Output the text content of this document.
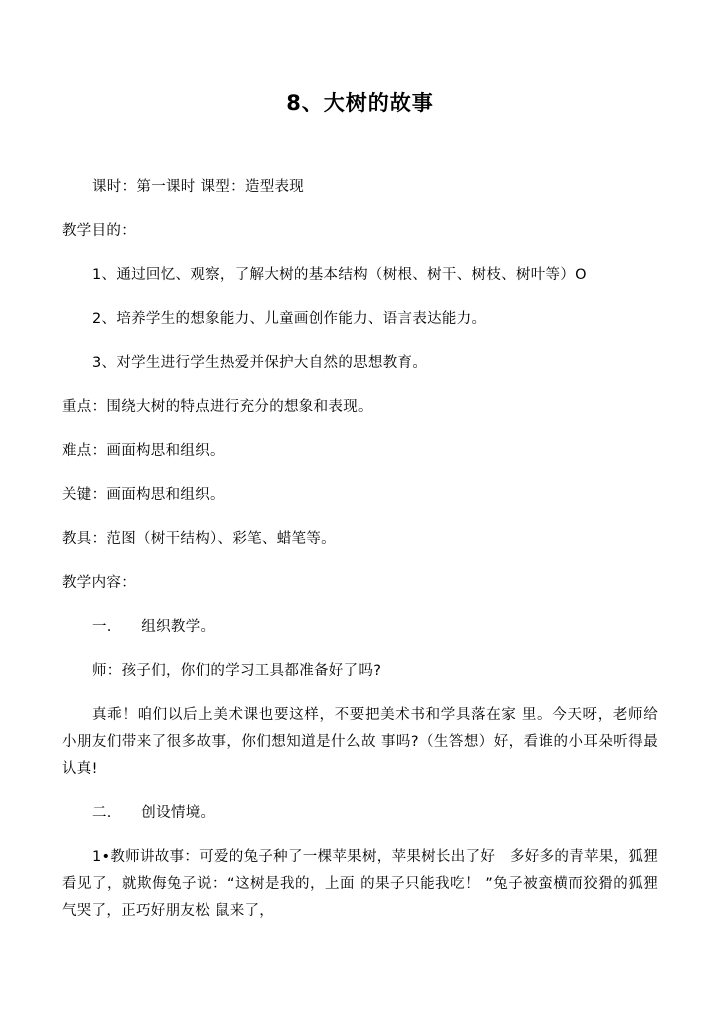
8、大树的故事

课时：第一课时 课型：造型表现

教学目的：

1、通过回忆、观察，了解大树的基本结构（树根、树干、树枝、树叶等）O

2、培养学生的想象能力、儿童画创作能力、语言表达能力。

3、对学生进行学生热爱并保护大自然的思想教育。

重点：围绕大树的特点进行充分的想象和表现。

难点：画面构思和组织。

关键：画面构思和组织。

教具：范图（树干结构）、彩笔、蜡笔等。

教学内容：

一.　　组织教学。

师：孩子们，你们的学习工具都准备好了吗?

真乖！咱们以后上美术课也要这样，不要把美术书和学具落在家 里。今天呀，老师给小朋友们带来了很多故事，你们想知道是什么故 事吗?（生答想）好，看谁的小耳朵听得最认真!

二.　　创设情境。

1•教师讲故事：可爱的兔子种了一棵苹果树，苹果树长出了好　多好多的青苹果，狐狸看见了，就欺侮兔子说：“这树是我的，上面 的果子只能我吃！ ”兔子被蛮横而狡猾的狐狸气哭了，正巧好朋友松 鼠来了，
